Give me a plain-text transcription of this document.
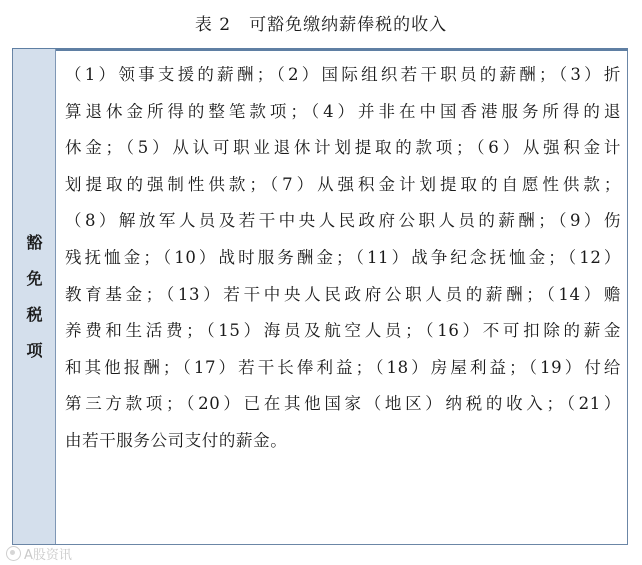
表 2　可豁免缴纳薪俸税的收入
豁
免
税
项
（1）领事支援的薪酬；（2）国际组织若干职员的薪酬；（3）折
算退休金所得的整笔款项；（4）并非在中国香港服务所得的退
休金；（5）从认可职业退休计划提取的款项；（6）从强积金计
划提取的强制性供款；（7）从强积金计划提取的自愿性供款；
（8）解放军人员及若干中央人民政府公职人员的薪酬；（9）伤
残抚恤金；（10）战时服务酬金；（11）战争纪念抚恤金；（12）
教育基金；（13）若干中央人民政府公职人员的薪酬；（14）赡
养费和生活费；（15）海员及航空人员；（16）不可扣除的薪金
和其他报酬；（17）若干长俸利益；（18）房屋利益；（19）付给
第三方款项；（20）已在其他国家（地区）纳税的收入；（21）
由若干服务公司支付的薪金。
A股资讯
